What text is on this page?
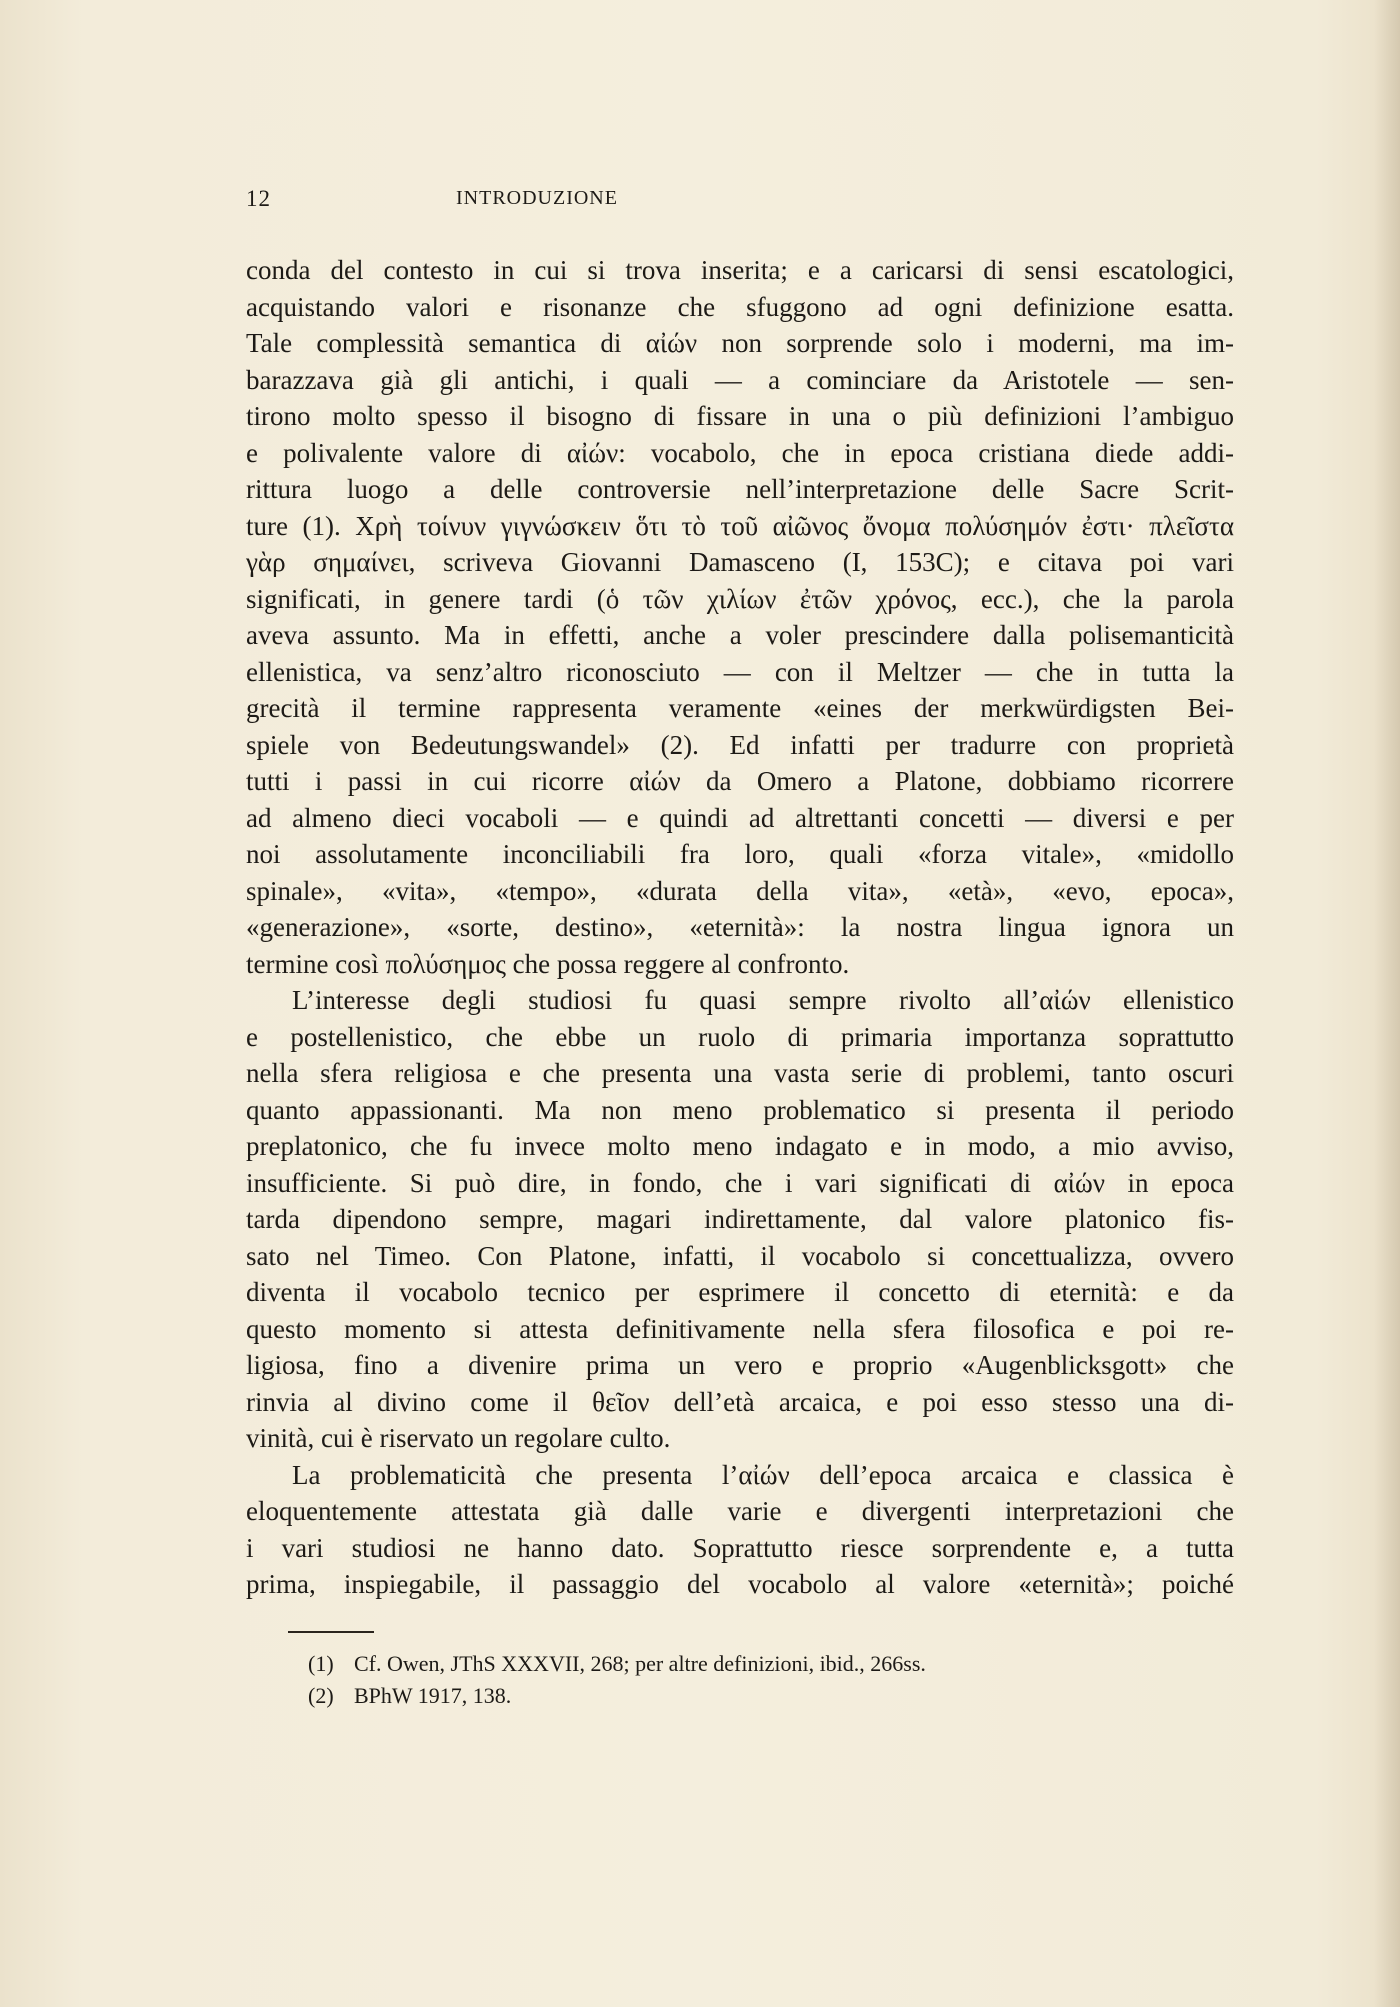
12	INTRODUZIONE
conda del contesto in cui si trova inserita; e a caricarsi di sensi escatologici,
acquistando valori e risonanze che sfuggono ad ogni definizione esatta.
Tale complessità semantica di αἰών non sorprende solo i moderni, ma im-
barazzava già gli antichi, i quali — a cominciare da Aristotele — sen-
tirono molto spesso il bisogno di fissare in una o più definizioni l’ambiguo
e polivalente valore di αἰών: vocabolo, che in epoca cristiana diede addi-
rittura luogo a delle controversie nell’interpretazione delle Sacre Scrit-
ture (1). Χρὴ τοίνυν γιγνώσκειν ὅτι τὸ τοῦ αἰῶνος ὄνομα πολύσημόν ἐστι· πλεῖστα
γὰρ σημαίνει, scriveva Giovanni Damasceno (I, 153C); e citava poi vari
significati, in genere tardi (ὁ τῶν χιλίων ἐτῶν χρόνος, ecc.), che la parola
aveva assunto. Ma in effetti, anche a voler prescindere dalla polisemanticità
ellenistica, va senz’altro riconosciuto — con il Meltzer — che in tutta la
grecità il termine rappresenta veramente «eines der merkwürdigsten Bei-
spiele von Bedeutungswandel» (2). Ed infatti per tradurre con proprietà
tutti i passi in cui ricorre αἰών da Omero a Platone, dobbiamo ricorrere
ad almeno dieci vocaboli — e quindi ad altrettanti concetti — diversi e per
noi assolutamente inconciliabili fra loro, quali «forza vitale», «midollo
spinale», «vita», «tempo», «durata della vita», «età», «evo, epoca»,
«generazione», «sorte, destino», «eternità»: la nostra lingua ignora un
termine così πολύσημος che possa reggere al confronto.
L’interesse degli studiosi fu quasi sempre rivolto all’αἰών ellenistico
e postellenistico, che ebbe un ruolo di primaria importanza soprattutto
nella sfera religiosa e che presenta una vasta serie di problemi, tanto oscuri
quanto appassionanti. Ma non meno problematico si presenta il periodo
preplatonico, che fu invece molto meno indagato e in modo, a mio avviso,
insufficiente. Si può dire, in fondo, che i vari significati di αἰών in epoca
tarda dipendono sempre, magari indirettamente, dal valore platonico fis-
sato nel Timeo. Con Platone, infatti, il vocabolo si concettualizza, ovvero
diventa il vocabolo tecnico per esprimere il concetto di eternità: e da
questo momento si attesta definitivamente nella sfera filosofica e poi re-
ligiosa, fino a divenire prima un vero e proprio «Augenblicksgott» che
rinvia al divino come il θεῖον dell’età arcaica, e poi esso stesso una di-
vinità, cui è riservato un regolare culto.
La problematicità che presenta l’αἰών dell’epoca arcaica e classica è
eloquentemente attestata già dalle varie e divergenti interpretazioni che
i vari studiosi ne hanno dato. Soprattutto riesce sorprendente e, a tutta
prima, inspiegabile, il passaggio del vocabolo al valore «eternità»; poiché
(1) Cf. Owen, JThS XXXVII, 268; per altre definizioni, ibid., 266ss.
(2) BPhW 1917, 138.
